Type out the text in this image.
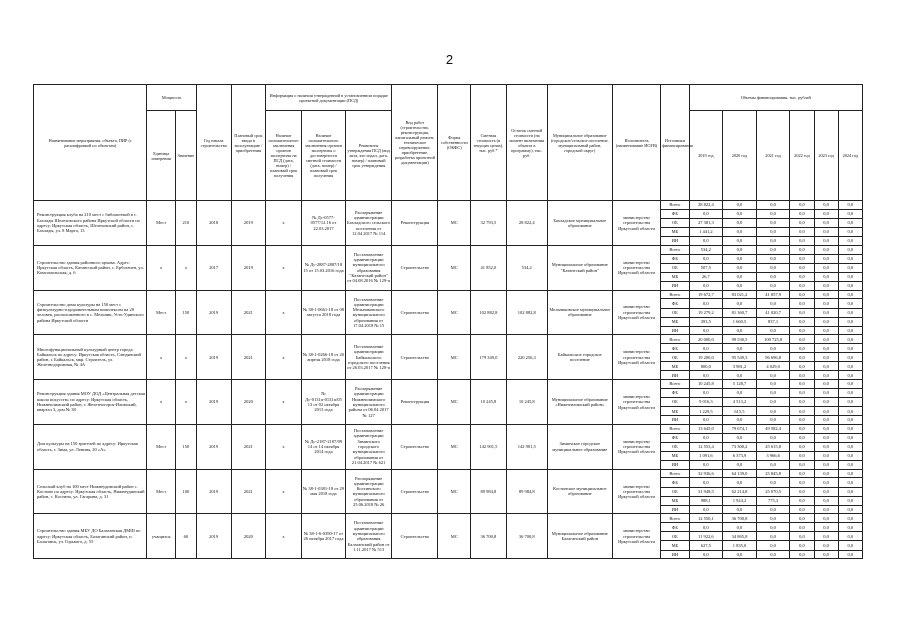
2
Наименование мероприятия, объекта, ПИР (с расшифровкой по объектам)	Мощность		Год начала строительства	Плановый срок ввода в эксплуатацию / приобретения	Информация о наличии утвержденной в установленном порядке проектной документации (ПСД)			Вид работ (строительство, реконструкция, капитальный ремонт, техническое перевооружение, приобретение, разработка проектной документации)	Форма собственности (ОКФС)	Сметная стоимость (в текущих ценах), тыс. руб.*	Остаток сметной стоимости (на момент включения объекта в программу), тыс. руб.	Муниципальное образование (городское/сельское поселение, муниципальный район, городской округ)	Исполнитель (наименование ИОГВ)	Источники финансирования	Объемы финансирования, тыс. рублей					
	Единица измерения	Значение			Наличие положительного заключения органов экспертизы на ПСД (дата, номер) / плановый срок получения	Наличие положительного заключения органов экспертизы о достоверности сметной стоимости (дата, номер) / плановый срок получения	Реквизиты утверждения ПСД (вид акта, кто издал, дата, номер) / плановый срок утверждения								2019 год	2020 год	2021 год	2022 год	2023 год	2024 год
Реконструкция клуба на 210 мест с библиотекой в с. Бахлады Шелеховского района Иркутской области по адресу: Иркутская область, Шелеховский район, с. Бахлады, ул. 8 Марта, 13	Мест	210	2018	2019	х	№ Дс-0577-0577/12.16 от 22.03.2017	Распоряжение администрации Бахладского сельского поселения от 12.04.2017 № 114	Реконструкция	МС	32 793,5	28 822,4	Бахладское муниципальное образование	министерство строительства Иркутской области	Всего	28 822,4	0,0	0,0	0,0	0,0	0,0
														ФБ	0,0	0,0	0,0	0,0	0,0	0,0
														ОБ	27 381,3	0,0	0,0	0,0	0,0	0,0
														МБ	1 441,2	0,0	0,0	0,0	0,0	0,0
														ИИ	0,0	0,0	0,0	0,0	0,0	0,0
Строительство здания районного архива. Адрес: Иркутская область, Катангский район, с. Ербогачен, ул. Комсомольская, д. 6	х	х	2017	2019	х	№ Дс-2887-2887/18 15 от 15.03.2016 года	Постановление администрации муниципального образования "Катангский район" от 04.08.2016 № 129-п	Строительство	МС	41 852,0	534,2	Муниципальное образование "Катангский район"	министерство строительства Иркутской области	Всего	534,2	0,0	0,0	0,0	0,0	0,0
														ФБ	0,0	0,0	0,0	0,0	0,0	0,0
														ОБ	507,5	0,0	0,0	0,0	0,0	0,0
														МБ	26,7	0,0	0,0	0,0	0,0	0,0
														ИИ	0,0	0,0	0,0	0,0	0,0	0,0
Строительство дома культуры на 150 мест с физкультурно-оздоровительным комплексом на 20 человек, расположенного в с. Мельник, Усть-Удинского района Иркутской области	Мест	150	2019	2021	х	№ 38-1-0661-18 от 08 августа 2018 года	Постановление администрации Мельниковского муниципального образования от 17.04.2018 № 15	Строительство	МС	102 882,8	102 882,8	Мельниковское муниципальное образование	министерство строительства Иркутской области	Всего	19 672,7	83 021,2	41 857,9	0,0	0,0	0,0
														ФБ	0,0	0,0	0,0	0,0	0,0	0,0
														ОБ	19 279,2	81 360,7	41 020,7	0,0	0,0	0,0
														МБ	393,5	1 660,5	837,1	0,0	0,0	0,0
														ИИ	0,0	0,0	0,0	0,0	0,0	0,0
Многофункциональный культурный центр города Байкальск по адресу: Иркутская область, Слюдянский район, г. Байкальск, мкр. Строитель, ул. Железнодорожная, № 4А	х	х	2019	2021	х	№ 38-1-0266-18 от 20 апреля 2018 года	Постановление администрации Байкальского городского поселения от 26.03.2017 № 120-п	Строительство	МС	179 349,0	220 256,3	Байкальское городское поселение	министерство строительства Иркутской области	Всего	20 000,0	99 530,5	100 725,8	0,0	0,0	0,0
														ФБ	0,0	0,0	0,0	0,0	0,0	0,0
														ОБ	19 200,0	95 549,3	96 696,8	0,0	0,0	0,0
														МБ	800,0	3 981,2	4 029,0	0,0	0,0	0,0
														ИИ	0,0	0,0	0,0	0,0	0,0	0,0
Реконструкция здания МОУ ДОД «Центральная детская школа искусств» по адресу: Иркутская область, Нижнеилимский район, г. Железногорск-Илимский, квартал 3, дом № 38	х	х	2019	2020	х	№ Дс-0131п-0131п/05 13 от 02 октября 2013 года	Распоряжение администрации Нижнеилимского муниципального района от 06.04.2017 № 127	Реконструкция	МС	10 245,8	10 245,8	Муниципальное образование «Нижнеилимский район»	министерство строительства Иркутской области	Всего	10 245,8	5 128,7	0,0	0,0	0,0	0,0
														ФБ	0,0	0,0	0,0	0,0	0,0	0,0
														ОБ	9 016,3	4 513,2	0,0	0,0	0,0	0,0
														МБ	1 229,5	615,5	0,0	0,0	0,0	0,0
														ИИ	0,0	0,0	0,0	0,0	0,0	0,0
Дом культуры на 150 зрителей по адресу: Иркутская область, г. Зима, ул. Ленина, 20 «А»	Мест	150	2019	2021	х	№ Дс-2187-2187/09 14 от 14 октября 2014 года	Постановление администрации Зиминского городского муниципального образования от 21.04.2017 № 621	Строительство	МС	142 901,5	142 901,5	Зиминское городское муниципальное образование	министерство строительства Иркутской области	Всего	13 645,0	79 674,1	49 582,4	0,0	0,0	0,0
														ФБ	0,0	0,0	0,0	0,0	0,0	0,0
														ОБ	12 553,4	73 300,2	45 615,8	0,0	0,0	0,0
														МБ	1 091,6	6 373,9	3 966,6	0,0	0,0	0,0
														ИИ	0,0	0,0	0,0	0,0	0,0	0,0
Сельский клуб на 100 мест Нижнеудинский район с. Костино по адресу: Иркутская область, Нижнеудинский район, с. Костино, ул. Гагарина, д. 31	Мест	100	2019	2021	х	№ 38-1-0381-18 от 29 мая 2018 года	Распоряжение администрации Костинского муниципального образования от 25.06.2018 № 26	Строительство	МС	89 984,8	89 984,8	Костинское муниципальное образование	министерство строительства Иркутской области	Всего	32 936,6	64 139,0	25 845,8	0,0	0,0	0,0
														ФБ	0,0	0,0	0,0	0,0	0,0	0,0
														ОБ	31 948,5	62 214,8	25 070,5	0,0	0,0	0,0
														МБ	988,1	1 924,2	775,3	0,0	0,0	0,0
														ИИ	0,0	0,0	0,0	0,0	0,0	0,0
Строительство здания МБУ ДО Балаганская ДМШ по адресу: Иркутская область, Балаганский район, п. Балаганск, ул. Горького, д. 55	учащихся	60	2019	2020	х	№ 38-1-6-0390-17 от 26 октября 2017 года	Постановление администрации муниципального образования Балаганский район от 1.11.2017 № 513	Строительство	МС	36 700,8	36 700,8	Муниципальное образование Балаганский район	министерство строительства Иркутской области	Всего	12 550,1	36 700,8	0,0	0,0	0,0	0,0
														ФБ	0,0	0,0	0,0	0,0	0,0	0,0
														ОБ	11 922,6	34 865,8	0,0	0,0	0,0	0,0
														МБ	627,5	1 835,0	0,0	0,0	0,0	0,0
														ИИ	0,0	0,0	0,0	0,0	0,0	0,0
